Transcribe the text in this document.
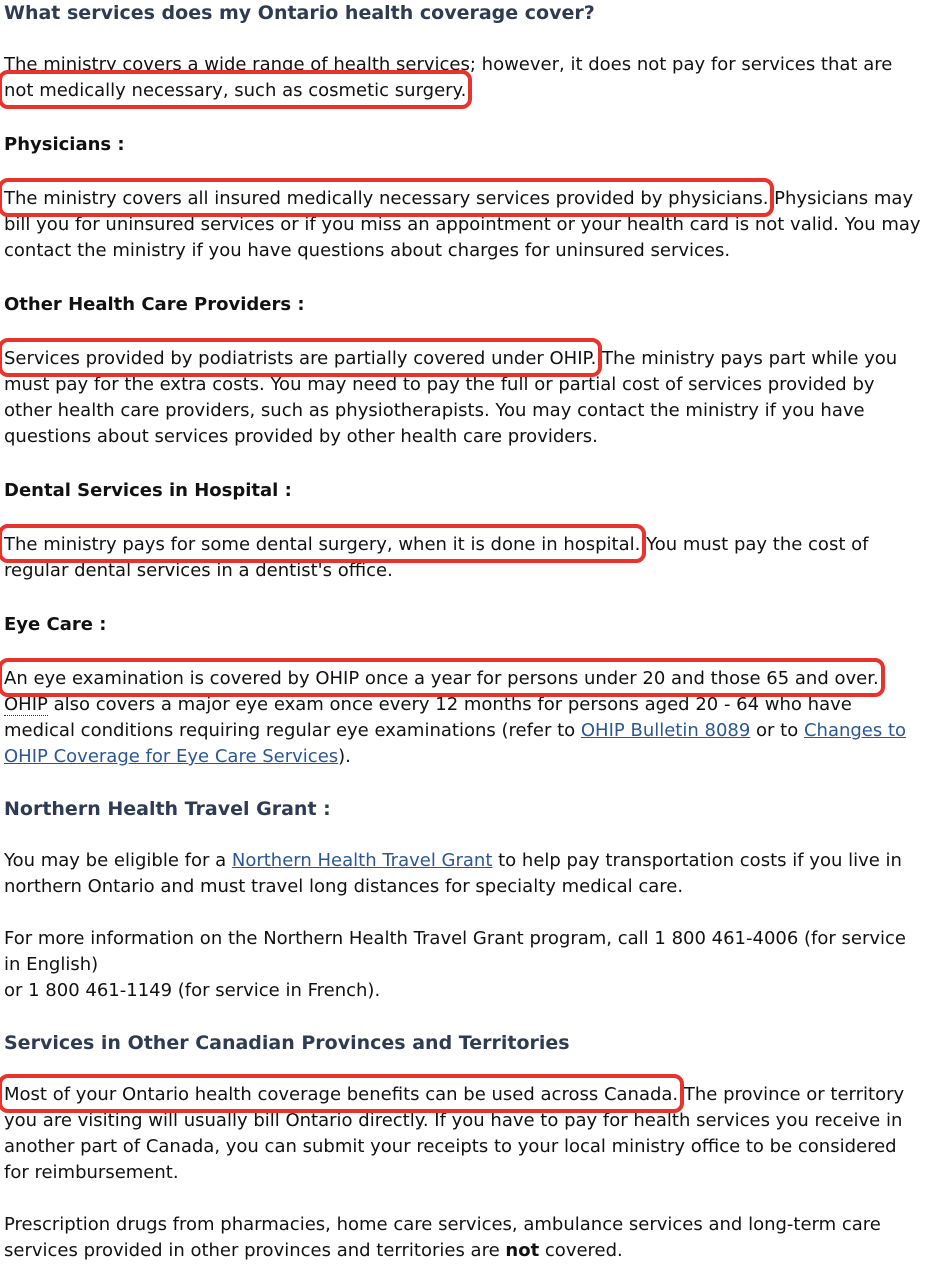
What services does my Ontario health coverage cover?

The ministry covers a wide range of health services; however, it does not pay for services that are not medically necessary, such as cosmetic surgery.

Physicians :

The ministry covers all insured medically necessary services provided by physicians. Physicians may bill you for uninsured services or if you miss an appointment or your health card is not valid. You may contact the ministry if you have questions about charges for uninsured services.

Other Health Care Providers :

Services provided by podiatrists are partially covered under OHIP. The ministry pays part while you must pay for the extra costs. You may need to pay the full or partial cost of services provided by other health care providers, such as physiotherapists. You may contact the ministry if you have questions about services provided by other health care providers.

Dental Services in Hospital :

The ministry pays for some dental surgery, when it is done in hospital. You must pay the cost of regular dental services in a dentist's office.

Eye Care :

An eye examination is covered by OHIP once a year for persons under 20 and those 65 and over.

OHIP also covers a major eye exam once every 12 months for persons aged 20 - 64 who have medical conditions requiring regular eye examinations (refer to OHIP Bulletin 8089 or to Changes to OHIP Coverage for Eye Care Services).

Northern Health Travel Grant :

You may be eligible for a Northern Health Travel Grant to help pay transportation costs if you live in northern Ontario and must travel long distances for specialty medical care.

For more information on the Northern Health Travel Grant program, call 1 800 461-4006 (for service in English)

or 1 800 461-1149 (for service in French).

Services in Other Canadian Provinces and Territories

Most of your Ontario health coverage benefits can be used across Canada. The province or territory you are visiting will usually bill Ontario directly. If you have to pay for health services you receive in another part of Canada, you can submit your receipts to your local ministry office to be considered for reimbursement.

Prescription drugs from pharmacies, home care services, ambulance services and long-term care services provided in other provinces and territories are not covered.
